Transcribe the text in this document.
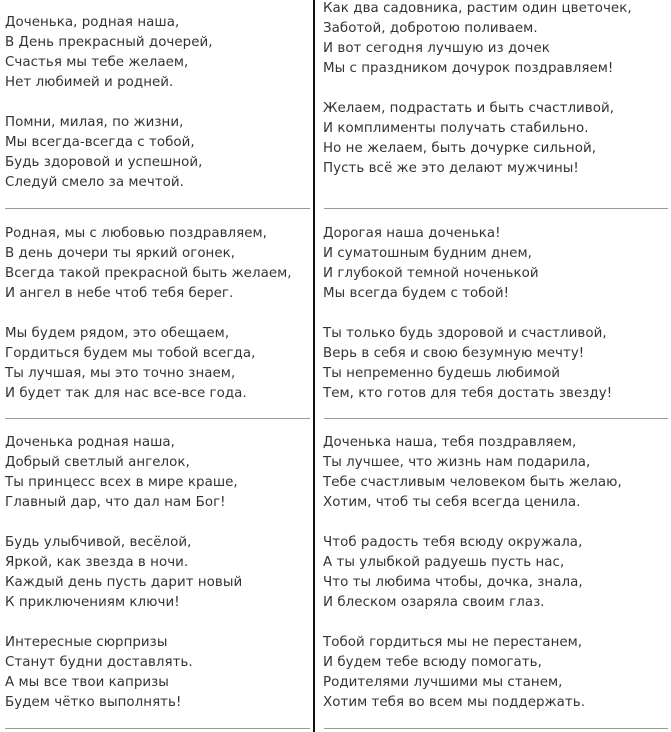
Доченька, родная наша,
В День прекрасный дочерей,
Счастья мы тебе желаем,
Нет любимей и родней.
Помни, милая, по жизни,
Мы всегда-всегда с тобой,
Будь здоровой и успешной,
Следуй смело за мечтой.
Как два садовника, растим один цветочек,
Заботой, добротою поливаем.
И вот сегодня лучшую из дочек
Мы с праздником дочурок поздравляем!
Желаем, подрастать и быть счастливой,
И комплименты получать стабильно.
Но не желаем, быть дочурке сильной,
Пусть всё же это делают мужчины!
Родная, мы с любовью поздравляем,
В день дочери ты яркий огонек,
Всегда такой прекрасной быть желаем,
И ангел в небе чтоб тебя берег.
Мы будем рядом, это обещаем,
Гордиться будем мы тобой всегда,
Ты лучшая, мы это точно знаем,
И будет так для нас все-все года.
Дорогая наша доченька!
И суматошным будним днем,
И глубокой темной ноченькой
Мы всегда будем с тобой!
Ты только будь здоровой и счастливой,
Верь в себя и свою безумную мечту!
Ты непременно будешь любимой
Тем, кто готов для тебя достать звезду!
Доченька родная наша,
Добрый светлый ангелок,
Ты принцесс всех в мире краше,
Главный дар, что дал нам Бог!
Будь улыбчивой, весёлой,
Яркой, как звезда в ночи.
Каждый день пусть дарит новый
К приключениям ключи!
Интересные сюрпризы
Станут будни доставлять.
А мы все твои капризы
Будем чётко выполнять!
Доченька наша, тебя поздравляем,
Ты лучшее, что жизнь нам подарила,
Тебе счастливым человеком быть желаю,
Хотим, чтоб ты себя всегда ценила.
Чтоб радость тебя всюду окружала,
А ты улыбкой радуешь пусть нас,
Что ты любима чтобы, дочка, знала,
И блеском озаряла своим глаз.
Тобой гордиться мы не перестанем,
И будем тебе всюду помогать,
Родителями лучшими мы станем,
Хотим тебя во всем мы поддержать.
